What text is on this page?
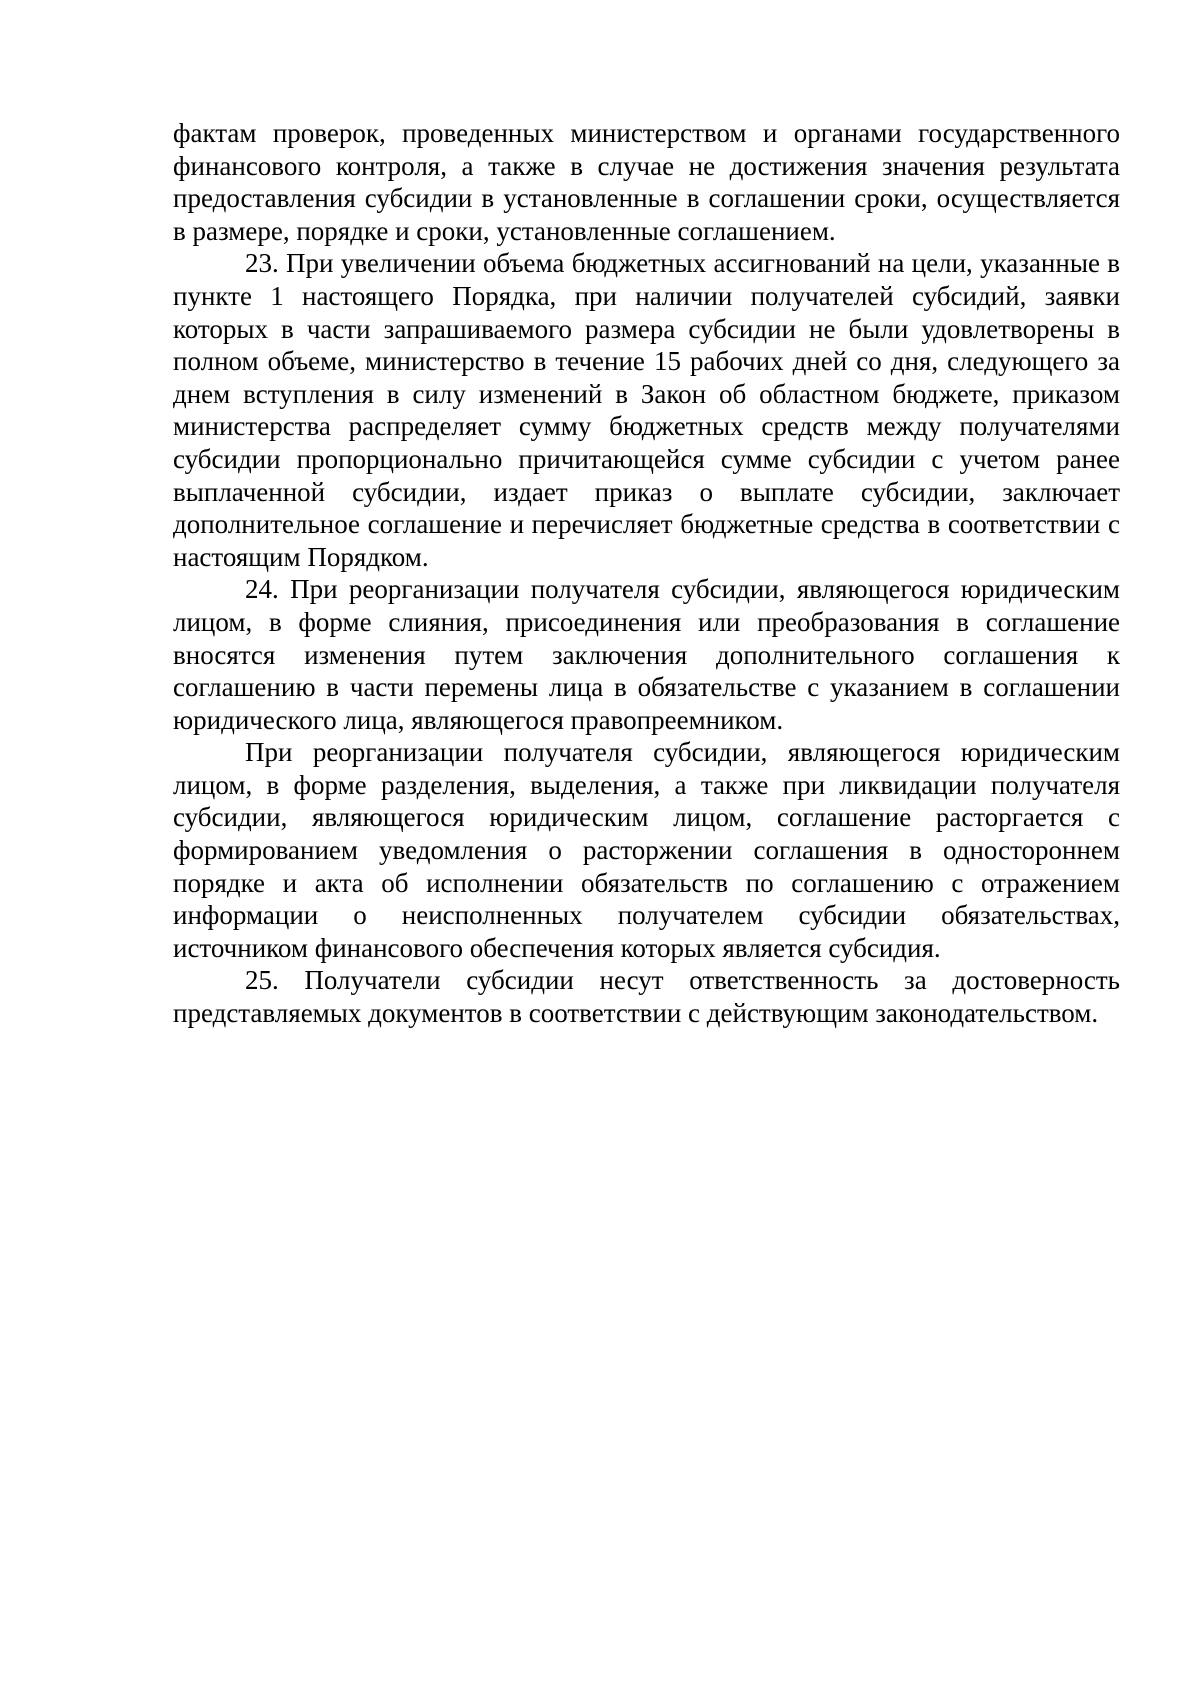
фактам проверок, проведенных министерством и органами государственного финансового контроля, а также в случае не достижения значения результата предоставления субсидии в установленные в соглашении сроки, осуществляется в размере, порядке и сроки, установленные соглашением.

23. При увеличении объема бюджетных ассигнований на цели, указанные в пункте 1 настоящего Порядка, при наличии получателей субсидий, заявки которых в части запрашиваемого размера субсидии не были удовлетворены в полном объеме, министерство в течение 15 рабочих дней со дня, следующего за днем вступления в силу изменений в Закон об областном бюджете, приказом министерства распределяет сумму бюджетных средств между получателями субсидии пропорционально причитающейся сумме субсидии с учетом ранее выплаченной субсидии, издает приказ о выплате субсидии, заключает дополнительное соглашение и перечисляет бюджетные средства в соответствии с настоящим Порядком.

24. При реорганизации получателя субсидии, являющегося юридическим лицом, в форме слияния, присоединения или преобразования в соглашение вносятся изменения путем заключения дополнительного соглашения к соглашению в части перемены лица в обязательстве с указанием в соглашении юридического лица, являющегося правопреемником.

При реорганизации получателя субсидии, являющегося юридическим лицом, в форме разделения, выделения, а также при ликвидации получателя субсидии, являющегося юридическим лицом, соглашение расторгается с формированием уведомления о расторжении соглашения в одностороннем порядке и акта об исполнении обязательств по соглашению с отражением информации о неисполненных получателем субсидии обязательствах, источником финансового обеспечения которых является субсидия.

25. Получатели субсидии несут ответственность за достоверность представляемых документов в соответствии с действующим законодательством.
